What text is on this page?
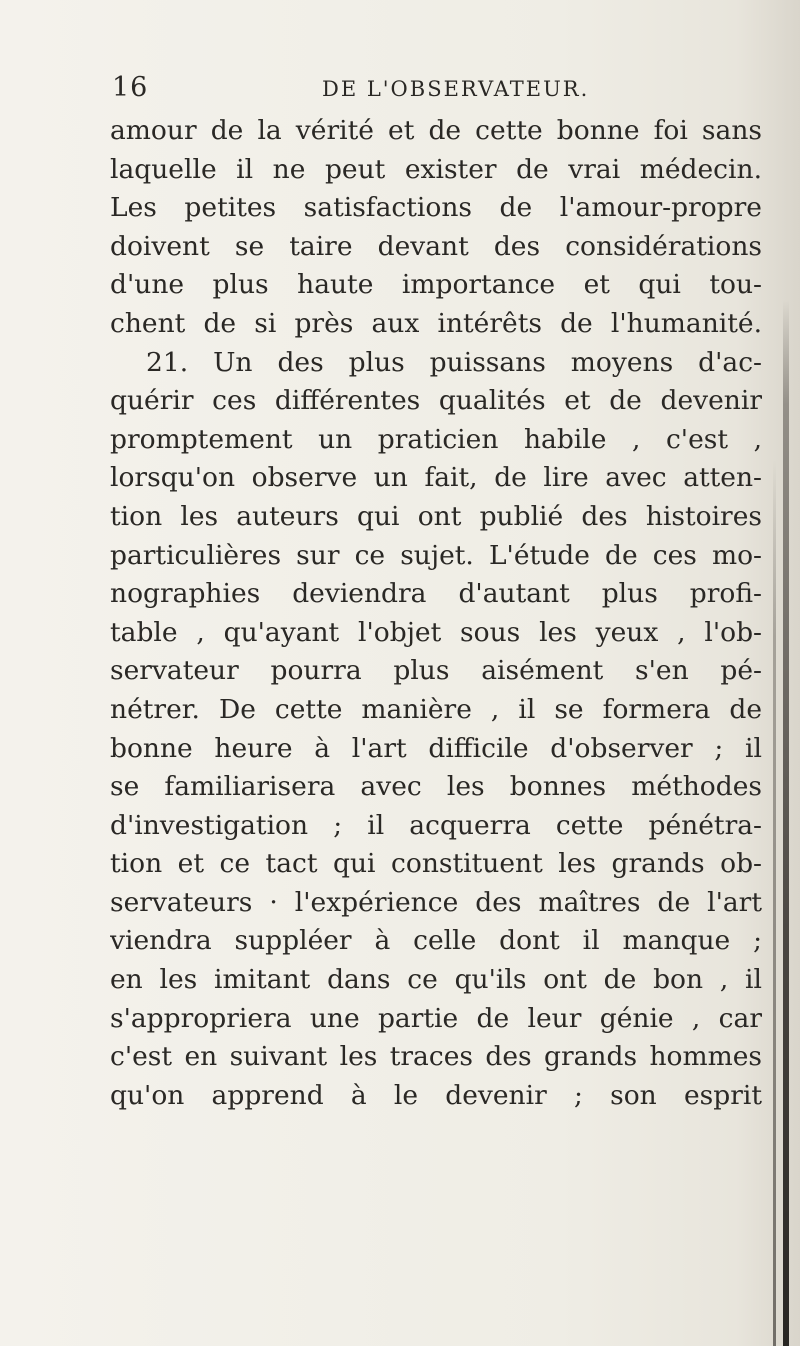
16	DE L'OBSERVATEUR.
amour de la vérité et de cette bonne foi sans
laquelle il ne peut exister de vrai médecin.
Les petites satisfactions de l'amour-propre
doivent se taire devant des considérations
d'une plus haute importance et qui tou-
chent de si près aux intérêts de l'humanité.
21. Un des plus puissans moyens d'ac-
quérir ces différentes qualités et de devenir
promptement un praticien habile , c'est ,
lorsqu'on observe un fait, de lire avec atten-
tion les auteurs qui ont publié des histoires
particulières sur ce sujet. L'étude de ces mo-
nographies deviendra d'autant plus profi-
table , qu'ayant l'objet sous les yeux , l'ob-
servateur pourra plus aisément s'en pé-
nétrer. De cette manière , il se formera de
bonne heure à l'art difficile d'observer ; il
se familiarisera avec les bonnes méthodes
d'investigation ; il acquerra cette pénétra-
tion et ce tact qui constituent les grands ob-
servateurs · l'expérience des maîtres de l'art
viendra suppléer à celle dont il manque ;
en les imitant dans ce qu'ils ont de bon , il
s'appropriera une partie de leur génie , car
c'est en suivant les traces des grands hommes
qu'on apprend à le devenir ; son esprit
